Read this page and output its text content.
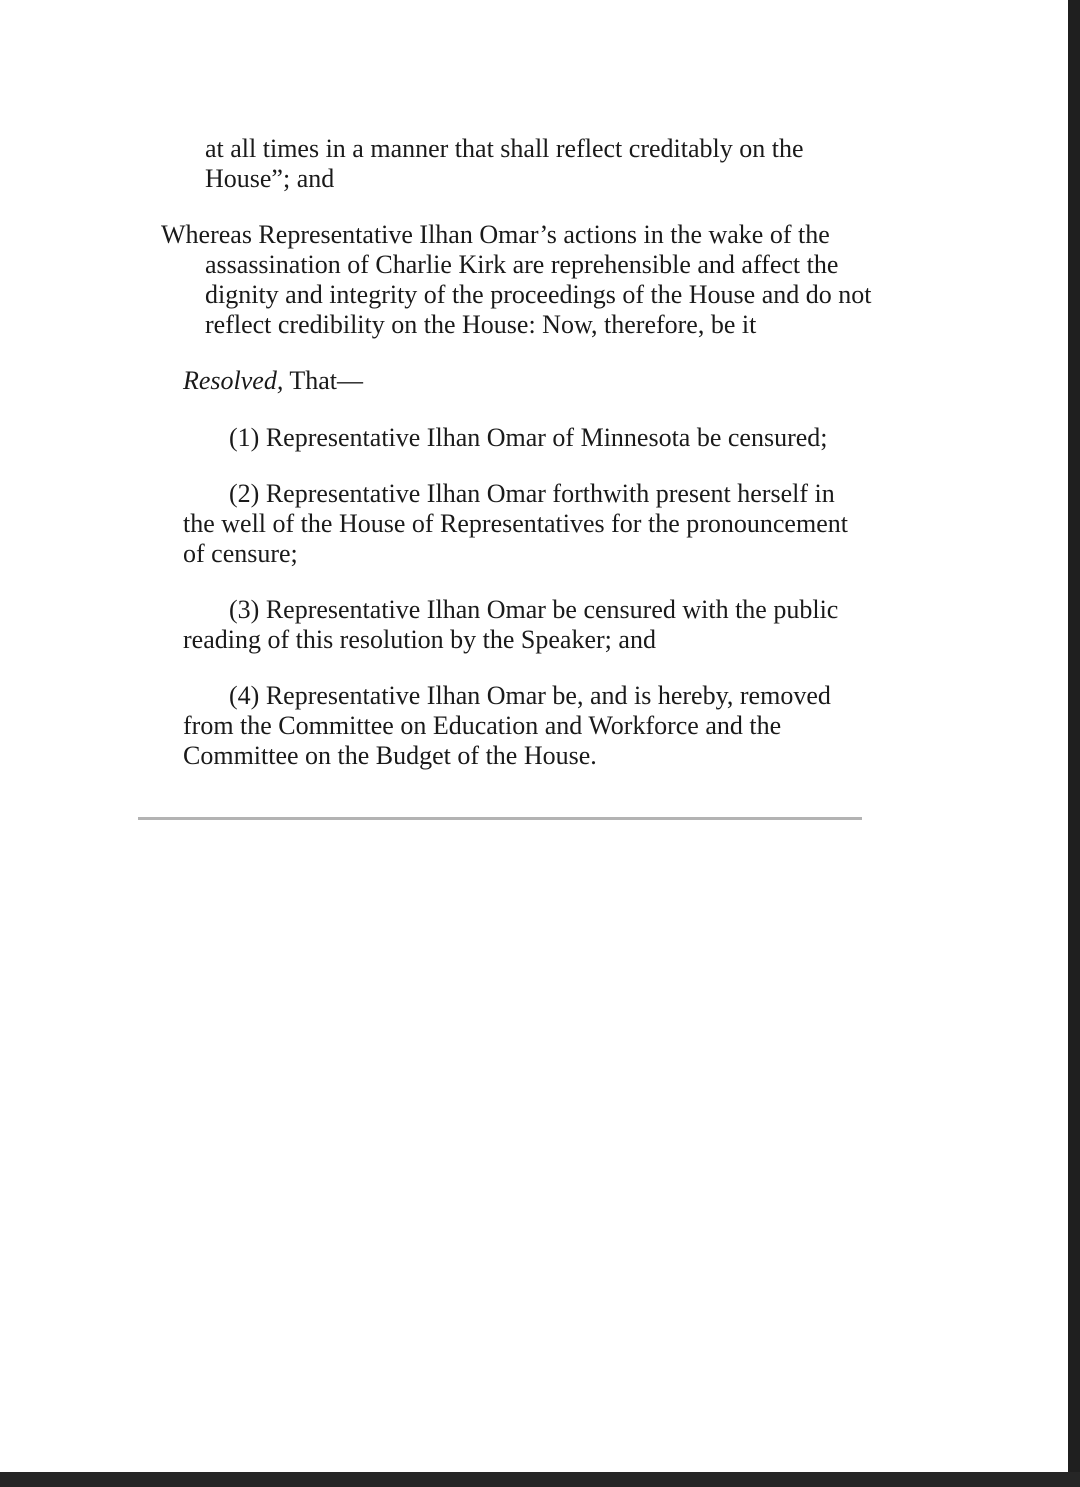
at all times in a manner that shall reflect creditably on the House”; and

Whereas Representative Ilhan Omar’s actions in the wake of the assassination of Charlie Kirk are reprehensible and affect the dignity and integrity of the proceedings of the House and do not reflect credibility on the House: Now, therefore, be it

Resolved, That—

(1) Representative Ilhan Omar of Minnesota be censured;

(2) Representative Ilhan Omar forthwith present herself in the well of the House of Representatives for the pronouncement of censure;

(3) Representative Ilhan Omar be censured with the public reading of this resolution by the Speaker; and

(4) Representative Ilhan Omar be, and is hereby, removed from the Committee on Education and Workforce and the Committee on the Budget of the House.
